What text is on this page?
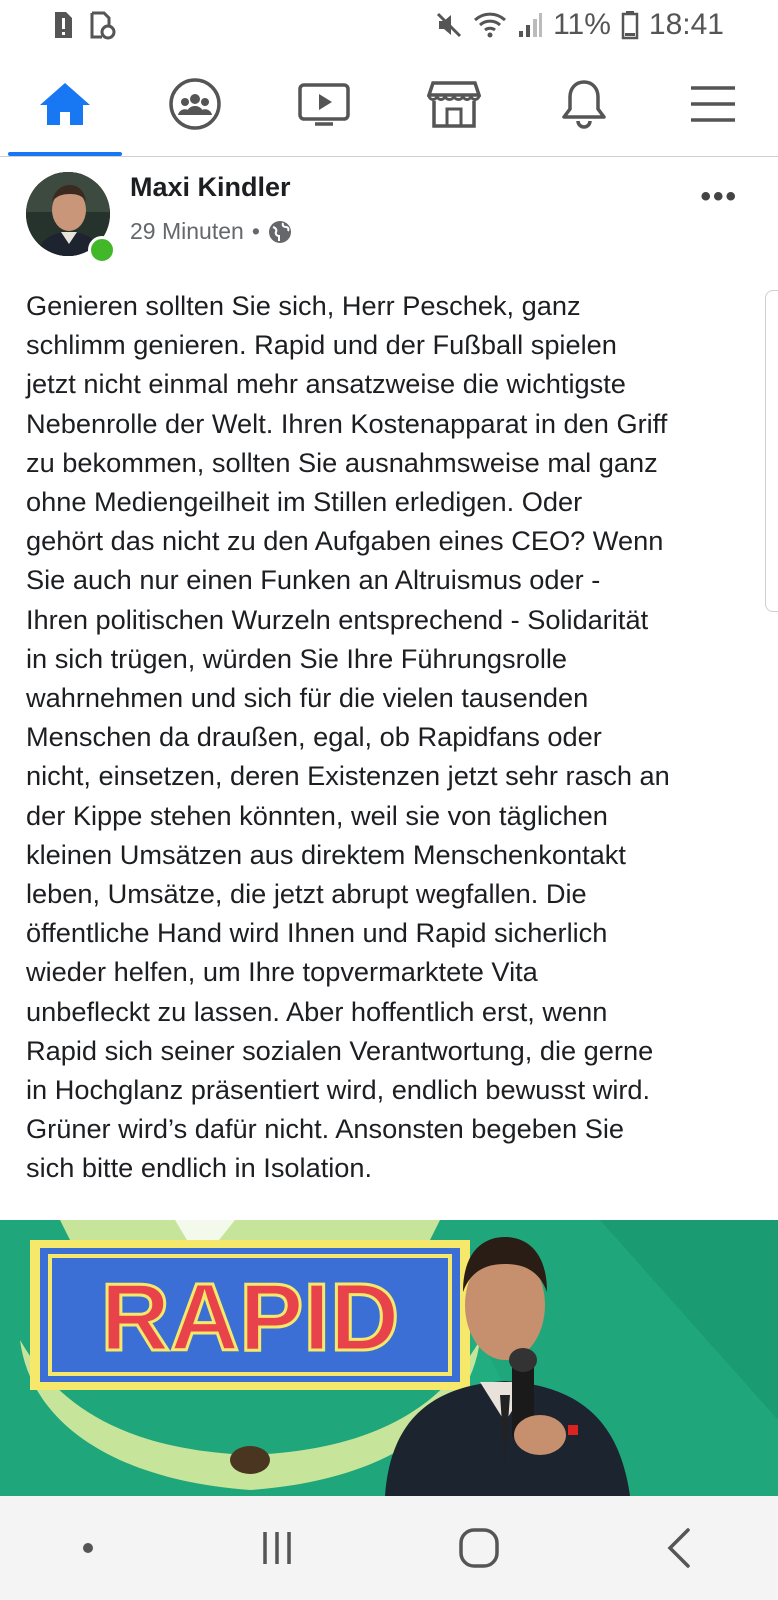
11% 18:41
Maxi Kindler
29 Minuten •
•••

Genieren sollten Sie sich, Herr Peschek, ganz
schlimm genieren. Rapid und der Fußball spielen
jetzt nicht einmal mehr ansatzweise die wichtigste
Nebenrolle der Welt. Ihren Kostenapparat in den Griff
zu bekommen, sollten Sie ausnahmsweise mal ganz
ohne Mediengeilheit im Stillen erledigen. Oder
gehört das nicht zu den Aufgaben eines CEO? Wenn
Sie auch nur einen Funken an Altruismus oder -
Ihren politischen Wurzeln entsprechend - Solidarität
in sich trügen, würden Sie Ihre Führungsrolle
wahrnehmen und sich für die vielen tausenden
Menschen da draußen, egal, ob Rapidfans oder
nicht, einsetzen, deren Existenzen jetzt sehr rasch an
der Kippe stehen könnten, weil sie von täglichen
kleinen Umsätzen aus direktem Menschenkontakt
leben, Umsätze, die jetzt abrupt wegfallen. Die
öffentliche Hand wird Ihnen und Rapid sicherlich
wieder helfen, um Ihre topvermarktete Vita
unbefleckt zu lassen. Aber hoffentlich erst, wenn
Rapid sich seiner sozialen Verantwortung, die gerne
in Hochglanz präsentiert wird, endlich bewusst wird.
Grüner wird’s dafür nicht. Ansonsten begeben Sie
sich bitte endlich in Isolation.

RAPID
